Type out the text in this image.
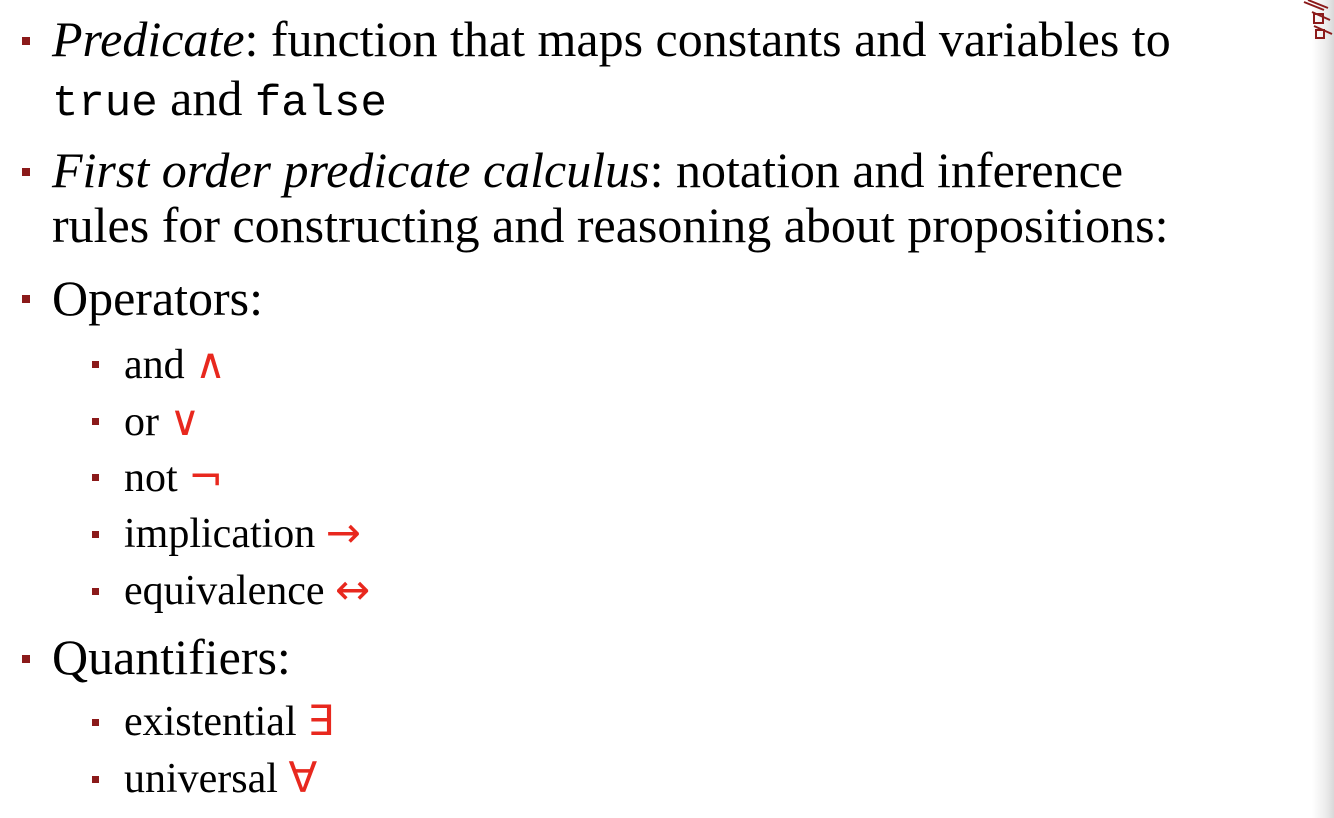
Predicate: function that maps constants and variables to
true and false
First order predicate calculus: notation and inference
rules for constructing and reasoning about propositions:
Operators:
and ∧
or ∨
not ¬
implication →
equivalence ↔
Quantifiers:
existential ∃
universal ∀
